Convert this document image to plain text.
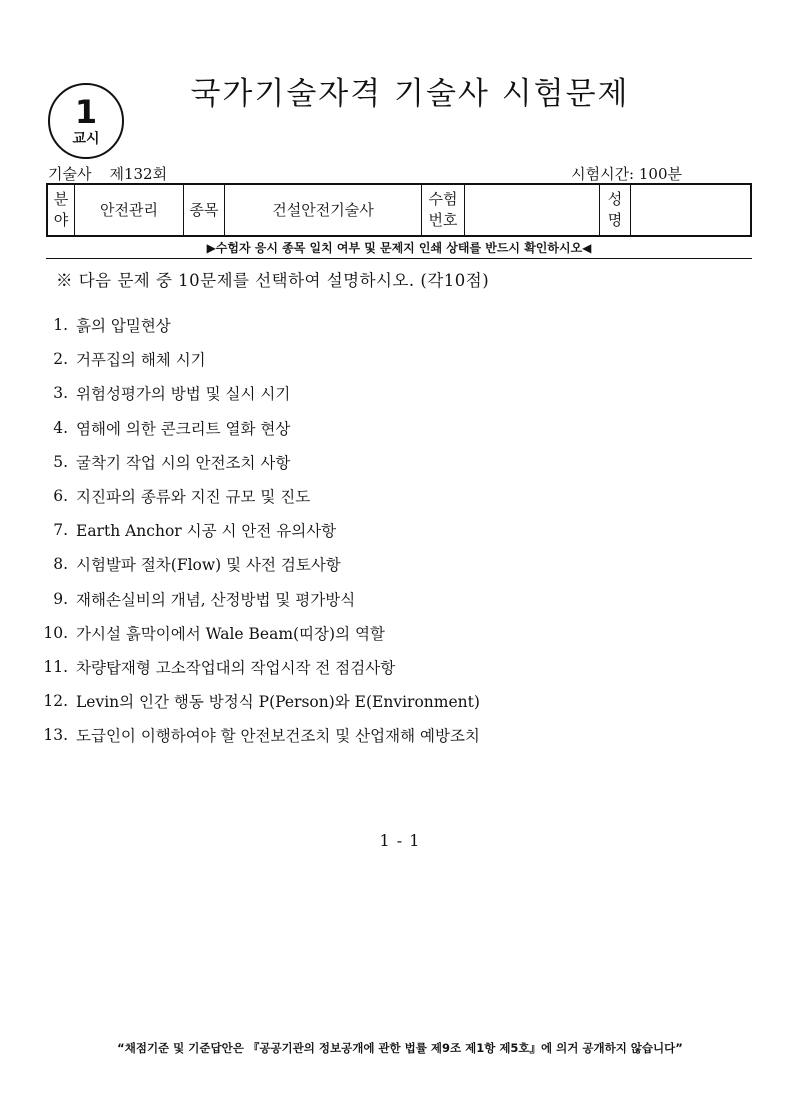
1
교시
국가기술자격 기술사 시험문제
기술사 제132회	시험시간: 100분
분야	안전관리	종목	건설안전기술사	수험번호		성명	
▶수험자 응시 종목 일치 여부 및 문제지 인쇄 상태를 반드시 확인하시오◀
※ 다음 문제 중 10문제를 선택하여 설명하시오. (각10점)
1. 흙의 압밀현상
2. 거푸집의 해체 시기
3. 위험성평가의 방법 및 실시 시기
4. 염해에 의한 콘크리트 열화 현상
5. 굴착기 작업 시의 안전조치 사항
6. 지진파의 종류와 지진 규모 및 진도
7. Earth Anchor 시공 시 안전 유의사항
8. 시험발파 절차(Flow) 및 사전 검토사항
9. 재해손실비의 개념, 산정방법 및 평가방식
10. 가시설 흙막이에서 Wale Beam(띠장)의 역할
11. 차량탑재형 고소작업대의 작업시작 전 점검사항
12. Levin의 인간 행동 방정식 P(Person)와 E(Environment)
13. 도급인이 이행하여야 할 안전보건조치 및 산업재해 예방조치
1 - 1
“채점기준 및 기준답안은 『공공기관의 정보공개에 관한 법률 제9조 제1항 제5호』에 의거 공개하지 않습니다”
